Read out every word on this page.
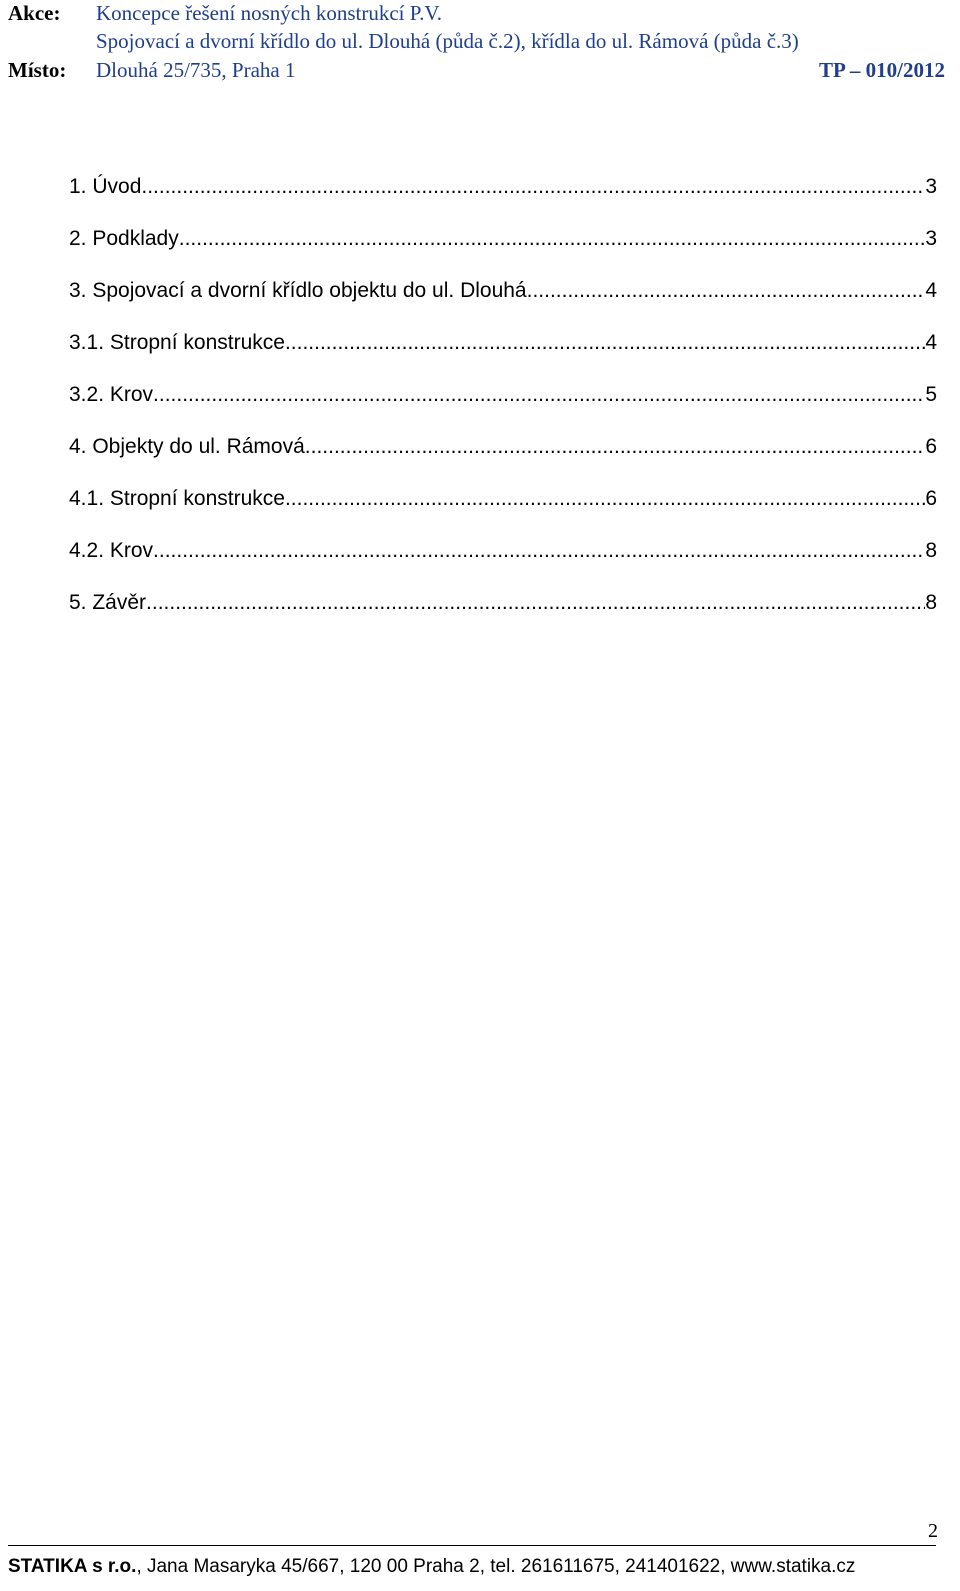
Akce: Koncepce řešení nosných konstrukcí P.V.
Spojovací a dvorní křídlo do ul. Dlouhá (půda č.2), křídla do ul. Rámová (půda č.3)
Místo: Dlouhá 25/735, Praha 1	TP – 010/2012
1. Úvod .....	3
2. Podklady .....	3
3. Spojovací a dvorní křídlo objektu do ul. Dlouhá .....	4
3.1. Stropní konstrukce .....	4
3.2. Krov .....	5
4. Objekty do ul. Rámová .....	6
4.1. Stropní konstrukce .....	6
4.2. Krov .....	8
5. Závěr .....	8
2
STATIKA s r.o., Jana Masaryka 45/667, 120 00 Praha 2, tel. 261611675, 241401622, www.statika.cz
